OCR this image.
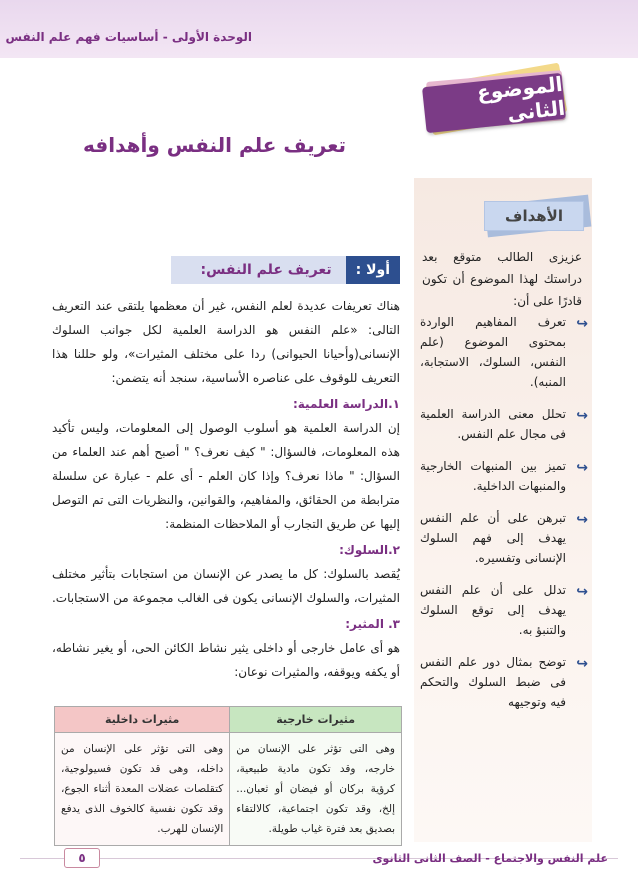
الوحدة الأولى - أساسيات فهم علم النفس
الموضوع الثانى
تعريف علم النفس وأهدافه
الأهداف
عزيزى الطالب متوقع بعد دراستك لهذا الموضوع أن تكون قادرًا على أن:
↪
تعرف المفاهيم الواردة بمحتوى الموضوع (علم النفس، السلوك، الاستجابة، المنبه).
↪
تحلل معنى الدراسة العلمية فى مجال علم النفس.
↪
تميز بين المنبهات الخارجية والمنبهات الداخلية.
↪
تبرهن على أن علم النفس يهدف إلى فهم السلوك الإنسانى وتفسيره.
↪
تدلل على أن علم النفس يهدف إلى توقع السلوك والتنبؤ به.
↪
توضح بمثال دور علم النفس فى ضبط السلوك والتحكم فيه وتوجيهه
أولا :
تعريف علم النفس:

هناك تعريفات عديدة لعلم النفس، غير أن معظمها يلتقى عند التعريف التالى: «علم النفس هو الدراسة العلمية لكل جوانب السلوك الإنسانى(وأحيانا الحيوانى) ردا على مختلف المثيرات»، ولو حللنا هذا التعريف للوقوف على عناصره الأساسية، سنجد أنه يتضمن:

١.الدراسة العلمية:

إن الدراسة العلمية هو أسلوب الوصول إلى المعلومات، وليس تأكيد هذه المعلومات، فالسؤال: " كيف نعرف؟ " أصبح أهم عند العلماء من السؤال: " ماذا نعرف؟ وإذا كان العلم - أى علم - عبارة عن سلسلة مترابطة من الحقائق، والمفاهيم، والقوانين، والنظريات التى تم التوصل إليها عن طريق التجارب أو الملاحظات المنظمة:

٢.السلوك:

يُقصد بالسلوك: كل ما يصدر عن الإنسان من استجابات بتأثير مختلف المثيرات، والسلوك الإنسانى يكون فى الغالب مجموعة من الاستجابات.

٣. المثير:

هو أى عامل خارجى أو داخلى يثير نشاط الكائن الحى، أو يغير نشاطه، أو يكفه ويوقفه، والمثيرات نوعان:

مثيرات خارجية	مثيرات داخلية
وهى التى تؤثر على الإنسان من خارجه، وقد تكون مادية طبيعية، كرؤية بركان أو فيضان أو ثعبان... إلخ، وقد تكون اجتماعية، كالالتقاء بصديق بعد فترة غياب طويلة.	وهى التى تؤثر على الإنسان من داخله، وهى قد تكون فسيولوجية، كتقلصات عضلات المعدة أثناء الجوع، وقد تكون نفسية كالخوف الذى يدفع الإنسان للهرب.
٥	علم النفس والاجتماع - الصف الثانى الثانوى
